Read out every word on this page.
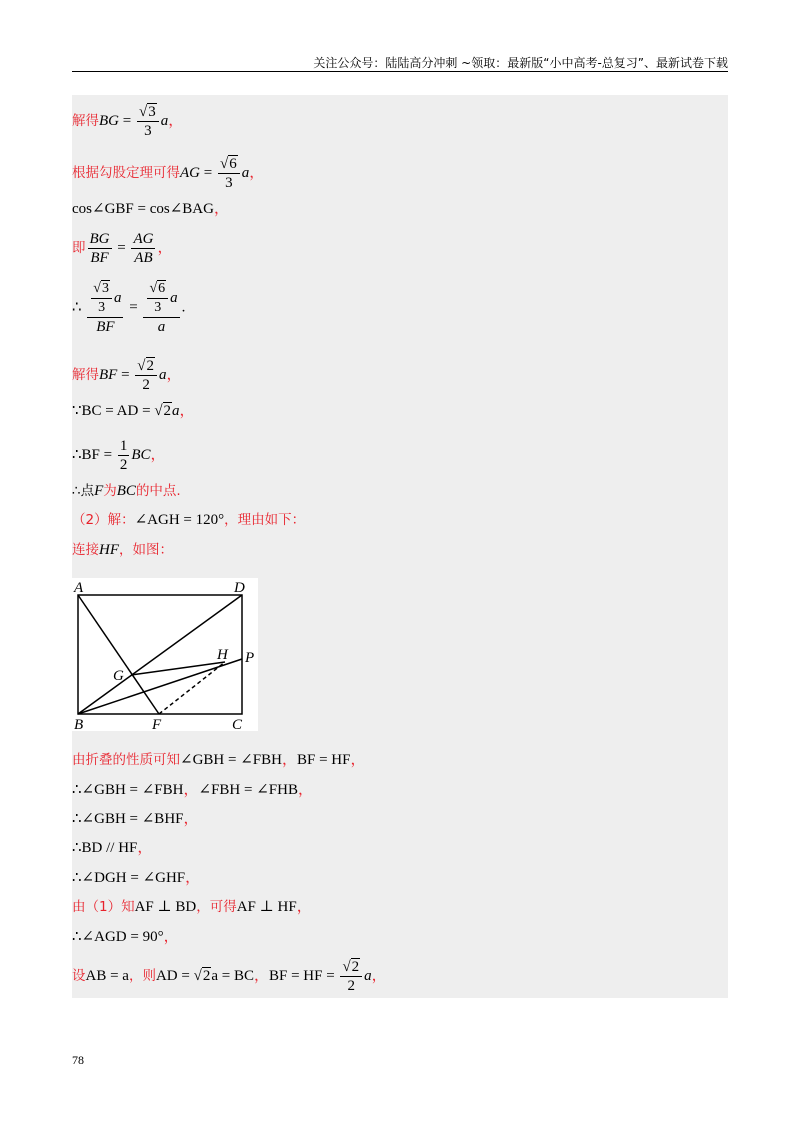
关注公众号：陆陆高分冲刺 ~领取：最新版“小中高考-总复习”、最新试卷下载
解得BG = $\frac{√3}{3}$ a，
根据勾股定理可得AG = $\frac{√6}{3}$ a，
cos∠GBF = cos∠BAG，
即 $\frac{BG}{BF} = \frac{AG}{AB}$ ，
∴ $\frac{\frac{√3}{3} a}{BF} = \frac{\frac{√6}{3} a}{a}$ .
解得BF = $\frac{√2}{2}$ a，
∵BC = AD = √2a，
∴BF = $\frac{1}{2}$ BC，
∴点F为BC的中点.
（2）解：∠AGH = 120°，理由如下：
连接HF，如图：
A	D
G
H P
B	F	C
由折叠的性质可知∠GBH = ∠FBH，BF = HF，
∴∠GBH = ∠FBH，∠FBH = ∠FHB，
∴∠GBH = ∠BHF，
∴BD // HF，
∴∠DGH = ∠GHF，
由（1）知AF ⊥ BD，可得AF ⊥ HF，
∴∠AGD = 90°，
设AB = a，则AD = √2a = BC，BF = HF = $\frac{√2}{2}$ a，
78
